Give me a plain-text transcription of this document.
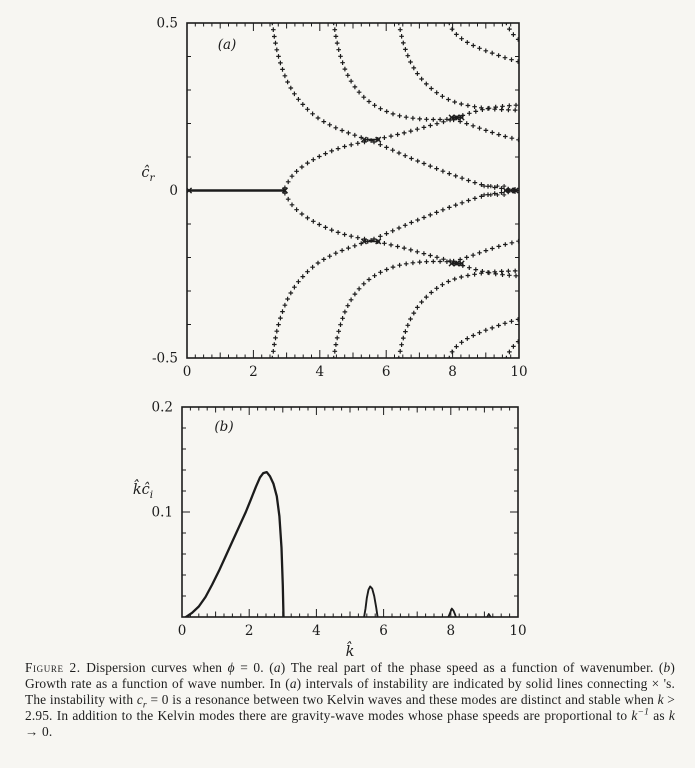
0	2	4	6	8	10
0.5
0
-0.5
(a)
$ĉ_r$
0	2	4	6	8	10
0.1
0.2
(b)
$k̂ĉ_i$
k̂

Figure 2. Dispersion curves when ϕ = 0. (a) The real part of the phase speed as a function of wavenumber. (b) Growth rate as a function of wave number. In (a) intervals of instability are indicated by solid lines connecting × 's. The instability with $c_r = 0$ is a resonance between two Kelvin waves and these modes are distinct and stable when k > 2.95. In addition to the Kelvin modes there are gravity-wave modes whose phase speeds are proportional to $k^{-1}$ as k → 0.
